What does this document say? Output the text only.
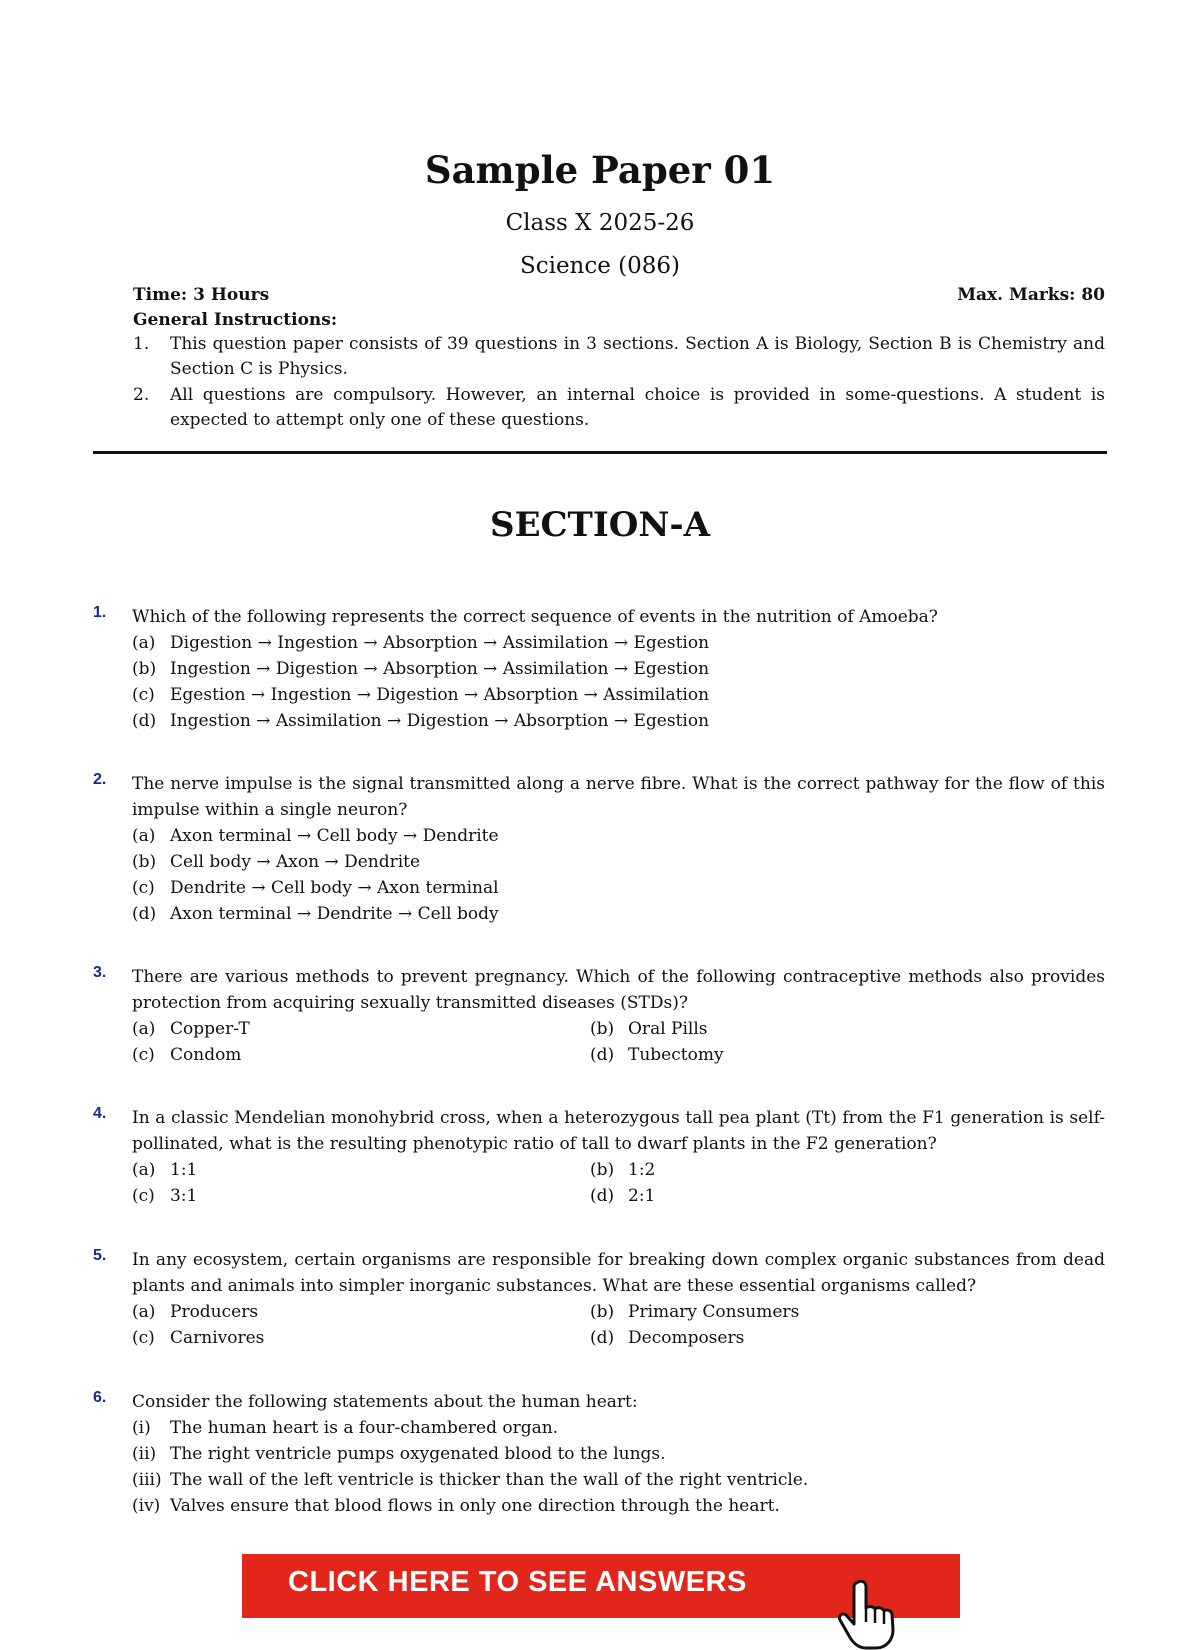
Sample Paper 01
Class X 2025-26
Science (086)
Time: 3 Hours	Max. Marks: 80
General Instructions:
1. This question paper consists of 39 questions in 3 sections. Section A is Biology, Section B is Chemistry and Section C is Physics.
2. All questions are compulsory. However, an internal choice is provided in some-questions. A student is expected to attempt only one of these questions.
SECTION-A
1. Which of the following represents the correct sequence of events in the nutrition of Amoeba?
(a) Digestion → Ingestion → Absorption → Assimilation → Egestion
(b) Ingestion → Digestion → Absorption → Assimilation → Egestion
(c) Egestion → Ingestion → Digestion → Absorption → Assimilation
(d) Ingestion → Assimilation → Digestion → Absorption → Egestion
2. The nerve impulse is the signal transmitted along a nerve fibre. What is the correct pathway for the flow of this impulse within a single neuron?
(a) Axon terminal → Cell body → Dendrite
(b) Cell body → Axon → Dendrite
(c) Dendrite → Cell body → Axon terminal
(d) Axon terminal → Dendrite → Cell body
3. There are various methods to prevent pregnancy. Which of the following contraceptive methods also provides protection from acquiring sexually transmitted diseases (STDs)?
(a) Copper-T	(b) Oral Pills
(c) Condom	(d) Tubectomy
4. In a classic Mendelian monohybrid cross, when a heterozygous tall pea plant (Tt) from the F1 generation is self-pollinated, what is the resulting phenotypic ratio of tall to dwarf plants in the F2 generation?
(a) 1:1	(b) 1:2
(c) 3:1	(d) 2:1
5. In any ecosystem, certain organisms are responsible for breaking down complex organic substances from dead plants and animals into simpler inorganic substances. What are these essential organisms called?
(a) Producers	(b) Primary Consumers
(c) Carnivores	(d) Decomposers
6. Consider the following statements about the human heart:
(i)	The human heart is a four-chambered organ.
(ii) The right ventricle pumps oxygenated blood to the lungs.
(iii) The wall of the left ventricle is thicker than the wall of the right ventricle.
(iv) Valves ensure that blood flows in only one direction through the heart.
CLICK HERE TO SEE ANSWERS
